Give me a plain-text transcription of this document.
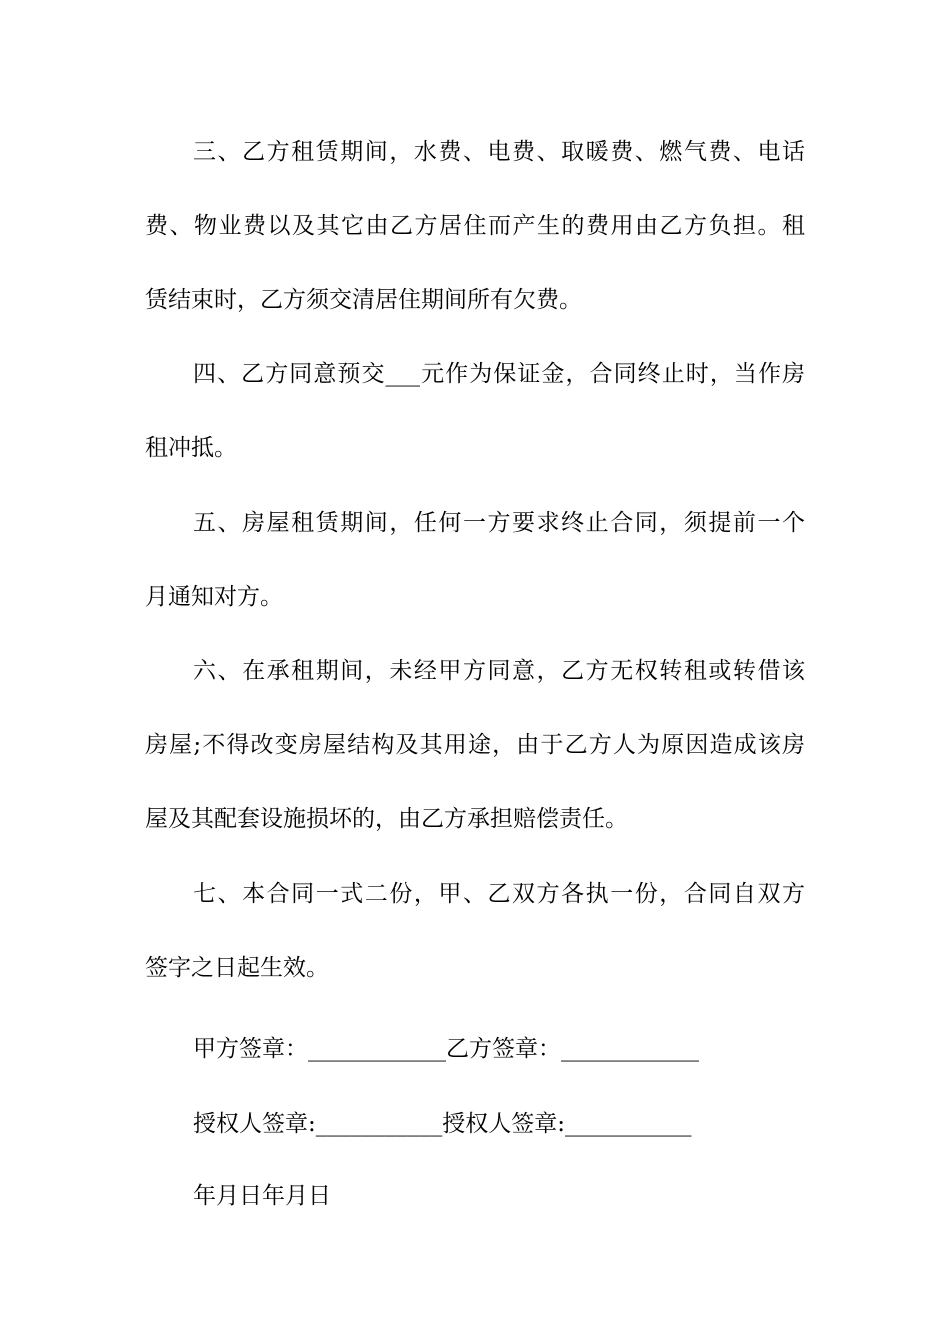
三、乙方租赁期间，水费、电费、取暖费、燃气费、电话
费、物业费以及其它由乙方居住而产生的费用由乙方负担。租
赁结束时，乙方须交清居住期间所有欠费。
四、乙方同意预交___元作为保证金，合同终止时，当作房
租冲抵。
五、房屋租赁期间，任何一方要求终止合同，须提前一个
月通知对方。
六、在承租期间，未经甲方同意，乙方无权转租或转借该
房屋;不得改变房屋结构及其用途，由于乙方人为原因造成该房
屋及其配套设施损坏的，由乙方承担赔偿责任。
七、本合同一式二份，甲、乙双方各执一份，合同自双方
签字之日起生效。
甲方签章：____________乙方签章：____________
授权人签章:___________授权人签章:___________
年月日年月日
